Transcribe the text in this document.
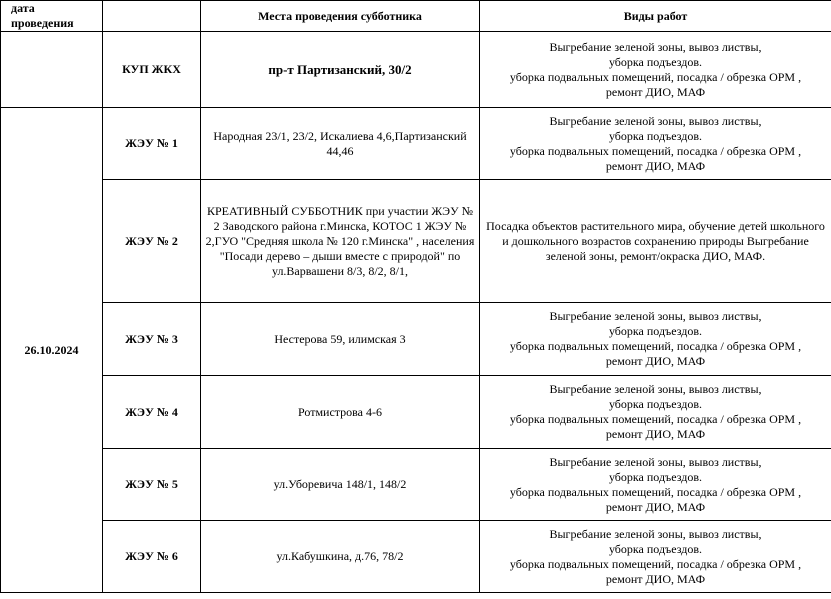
дата проведения		Места проведения субботника	Виды работ
	КУП ЖКХ	пр-т Партизанский, 30/2	Выгребание зеленой зоны, вывоз листвы,
уборка подъездов.
уборка подвальных помещений, посадка / обрезка ОРМ ,
ремонт ДИО, МАФ
26.10.2024	ЖЭУ № 1	Народная 23/1, 23/2, Искалиева 4,6,Партизанский 44,46	Выгребание зеленой зоны, вывоз листвы,
уборка подъездов.
уборка подвальных помещений, посадка / обрезка ОРМ ,
ремонт ДИО, МАФ
	ЖЭУ № 2	КРЕАТИВНЫЙ СУББОТНИК при участии ЖЭУ № 2 Заводского района г.Минска, КОТОС 1 ЖЭУ № 2,ГУО "Средняя школа № 120 г.Минска" , населения "Посади дерево – дыши вместе с природой" по ул.Варвашени 8/3, 8/2, 8/1,	Посадка объектов растительного мира, обучение детей школьного и дошкольного возрастов сохранению природы Выгребание зеленой зоны, ремонт/окраска ДИО, МАФ.
	ЖЭУ № 3	Нестерова 59, илимская 3	Выгребание зеленой зоны, вывоз листвы,
уборка подъездов.
уборка подвальных помещений, посадка / обрезка ОРМ ,
ремонт ДИО, МАФ
	ЖЭУ № 4	Ротмистрова 4-6	Выгребание зеленой зоны, вывоз листвы,
уборка подъездов.
уборка подвальных помещений, посадка / обрезка ОРМ ,
ремонт ДИО, МАФ
	ЖЭУ № 5	ул.Уборевича 148/1, 148/2	Выгребание зеленой зоны, вывоз листвы,
уборка подъездов.
уборка подвальных помещений, посадка / обрезка ОРМ ,
ремонт ДИО, МАФ
	ЖЭУ № 6	ул.Кабушкина, д.76, 78/2	Выгребание зеленой зоны, вывоз листвы,
уборка подъездов.
уборка подвальных помещений, посадка / обрезка ОРМ ,
ремонт ДИО, МАФ
